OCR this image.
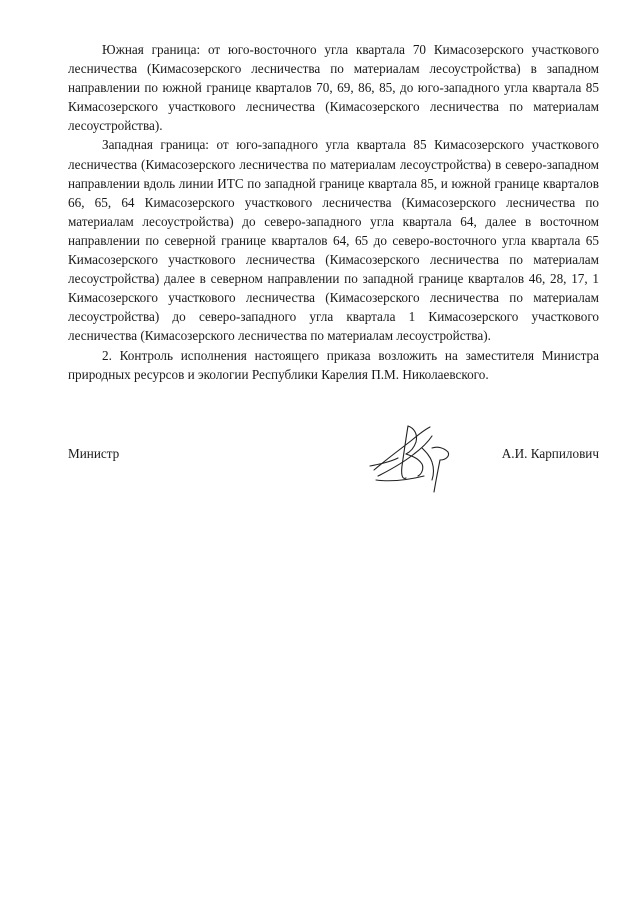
Южная граница: от юго-восточного угла квартала 70 Кимасозерского участкового лесничества (Кимасозерского лесничества по материалам лесоустройства) в западном направлении по южной границе кварталов 70, 69, 86, 85, до юго-западного угла квартала 85 Кимасозерского участкового лесничества (Кимасозерского лесничества по материалам лесоустройства).

Западная граница: от юго-западного угла квартала 85 Кимасозерского участкового лесничества (Кимасозерского лесничества по материалам лесоустройства) в северо-западном направлении вдоль линии ИТС по западной границе квартала 85, и южной границе кварталов 66, 65, 64 Кимасозерского участкового лесничества (Кимасозерского лесничества по материалам лесоустройства) до северо-западного угла квартала 64, далее в восточном направлении по северной границе кварталов 64, 65 до северо-восточного угла квартала 65 Кимасозерского участкового лесничества (Кимасозерского лесничества по материалам лесоустройства) далее в северном направлении по западной границе кварталов 46, 28, 17, 1 Кимасозерского участкового лесничества (Кимасозерского лесничества по материалам лесоустройства) до северо-западного угла квартала 1 Кимасозерского участкового лесничества (Кимасозерского лесничества по материалам лесоустройства).

2. Контроль исполнения настоящего приказа возложить на заместителя Министра природных ресурсов и экологии Республики Карелия П.М. Николаевского.

Министр	А.И. Карпилович
